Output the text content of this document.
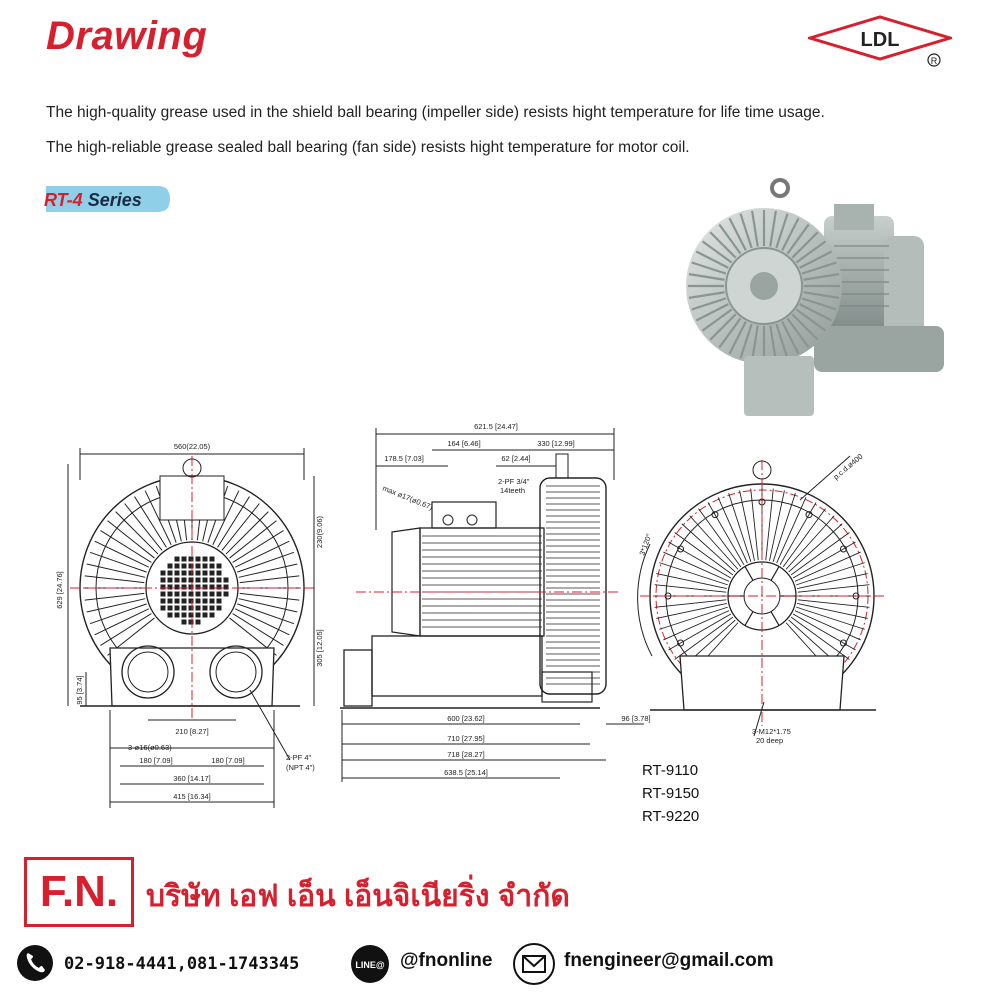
Drawing	LDL
R
The high-quality grease used in the shield ball bearing (impeller side) resists hight temperature for life time usage.
The high-reliable grease sealed ball bearing (fan side) resists hight temperature for motor coil.
RT-4 Series
560(22.05)
629 [24.76]
230(9.06)
305 [12.05]
95 [3.74]
210 [8.27]
3-ø16(ø0.63)
180 [7.09]	180 [7.09]
360 [14.17]
415 [16.34]
2-PF 4"
(NPT 4")
621.5 [24.47]
164 [6.46]	330 [12.99]
178.5 [7.03]	62 [2.44]
max ø17(ø0.67)
2-PF 3/4"
14teeth
600 [23.62]	96 [3.78]
710 [27.95]
718 [28.27]
638.5 [25.14]
p.c.d.ø400
3*120°
3-M12*1.75
20 deep
RT-9110
RT-9150
RT-9220
F.N. บริษัท เอฟ เอ็น เอ็นจิเนียริ่ง จำกัด
02-918-4441,081-1743345	LINE@ @fnonline	fnengineer@gmail.com
